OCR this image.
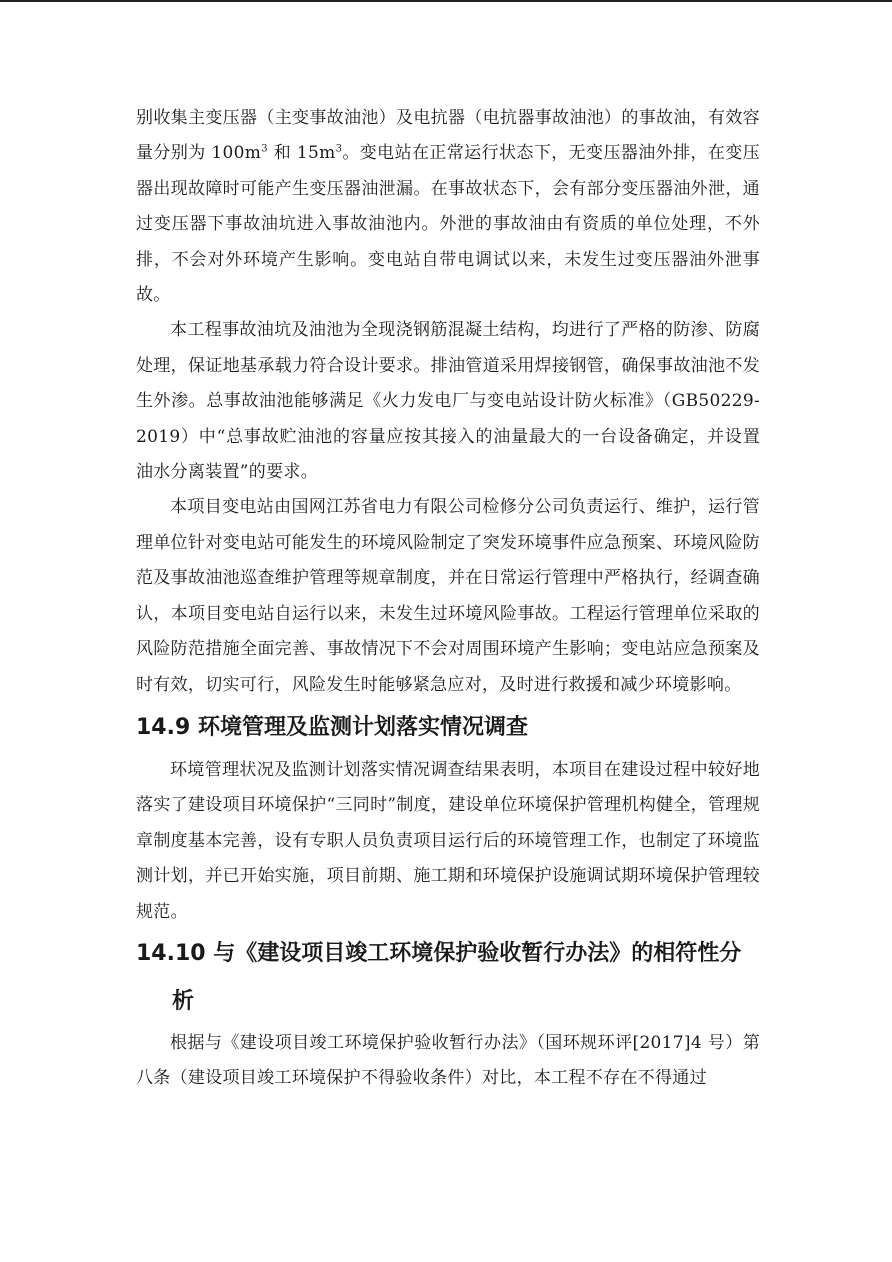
别收集主变压器（主变事故油池）及电抗器（电抗器事故油池）的事故油，有效容量分别为 $100m^3$ 和 $15m^3$。变电站在正常运行状态下，无变压器油外排，在变压器出现故障时可能产生变压器油泄漏。在事故状态下，会有部分变压器油外泄，通过变压器下事故油坑进入事故油池内。外泄的事故油由有资质的单位处理，不外排，不会对外环境产生影响。变电站自带电调试以来，未发生过变压器油外泄事故。

本工程事故油坑及油池为全现浇钢筋混凝土结构，均进行了严格的防渗、防腐处理，保证地基承载力符合设计要求。排油管道采用焊接钢管，确保事故油池不发生外渗。总事故油池能够满足《火力发电厂与变电站设计防火标准》（GB50229-2019）中“总事故贮油池的容量应按其接入的油量最大的一台设备确定，并设置油水分离装置”的要求。

本项目变电站由国网江苏省电力有限公司检修分公司负责运行、维护，运行管理单位针对变电站可能发生的环境风险制定了突发环境事件应急预案、环境风险防范及事故油池巡查维护管理等规章制度，并在日常运行管理中严格执行，经调查确认，本项目变电站自运行以来，未发生过环境风险事故。工程运行管理单位采取的风险防范措施全面完善、事故情况下不会对周围环境产生影响；变电站应急预案及时有效，切实可行，风险发生时能够紧急应对，及时进行救援和减少环境影响。

14.9 环境管理及监测计划落实情况调查

环境管理状况及监测计划落实情况调查结果表明，本项目在建设过程中较好地落实了建设项目环境保护“三同时”制度，建设单位环境保护管理机构健全，管理规章制度基本完善，设有专职人员负责项目运行后的环境管理工作，也制定了环境监测计划，并已开始实施，项目前期、施工期和环境保护设施调试期环境保护管理较规范。

14.10 与《建设项目竣工环境保护验收暂行办法》的相符性分析

根据与《建设项目竣工环境保护验收暂行办法》（国环规环评[2017]4 号）第八条（建设项目竣工环境保护不得验收条件）对比，本工程不存在不得通过
